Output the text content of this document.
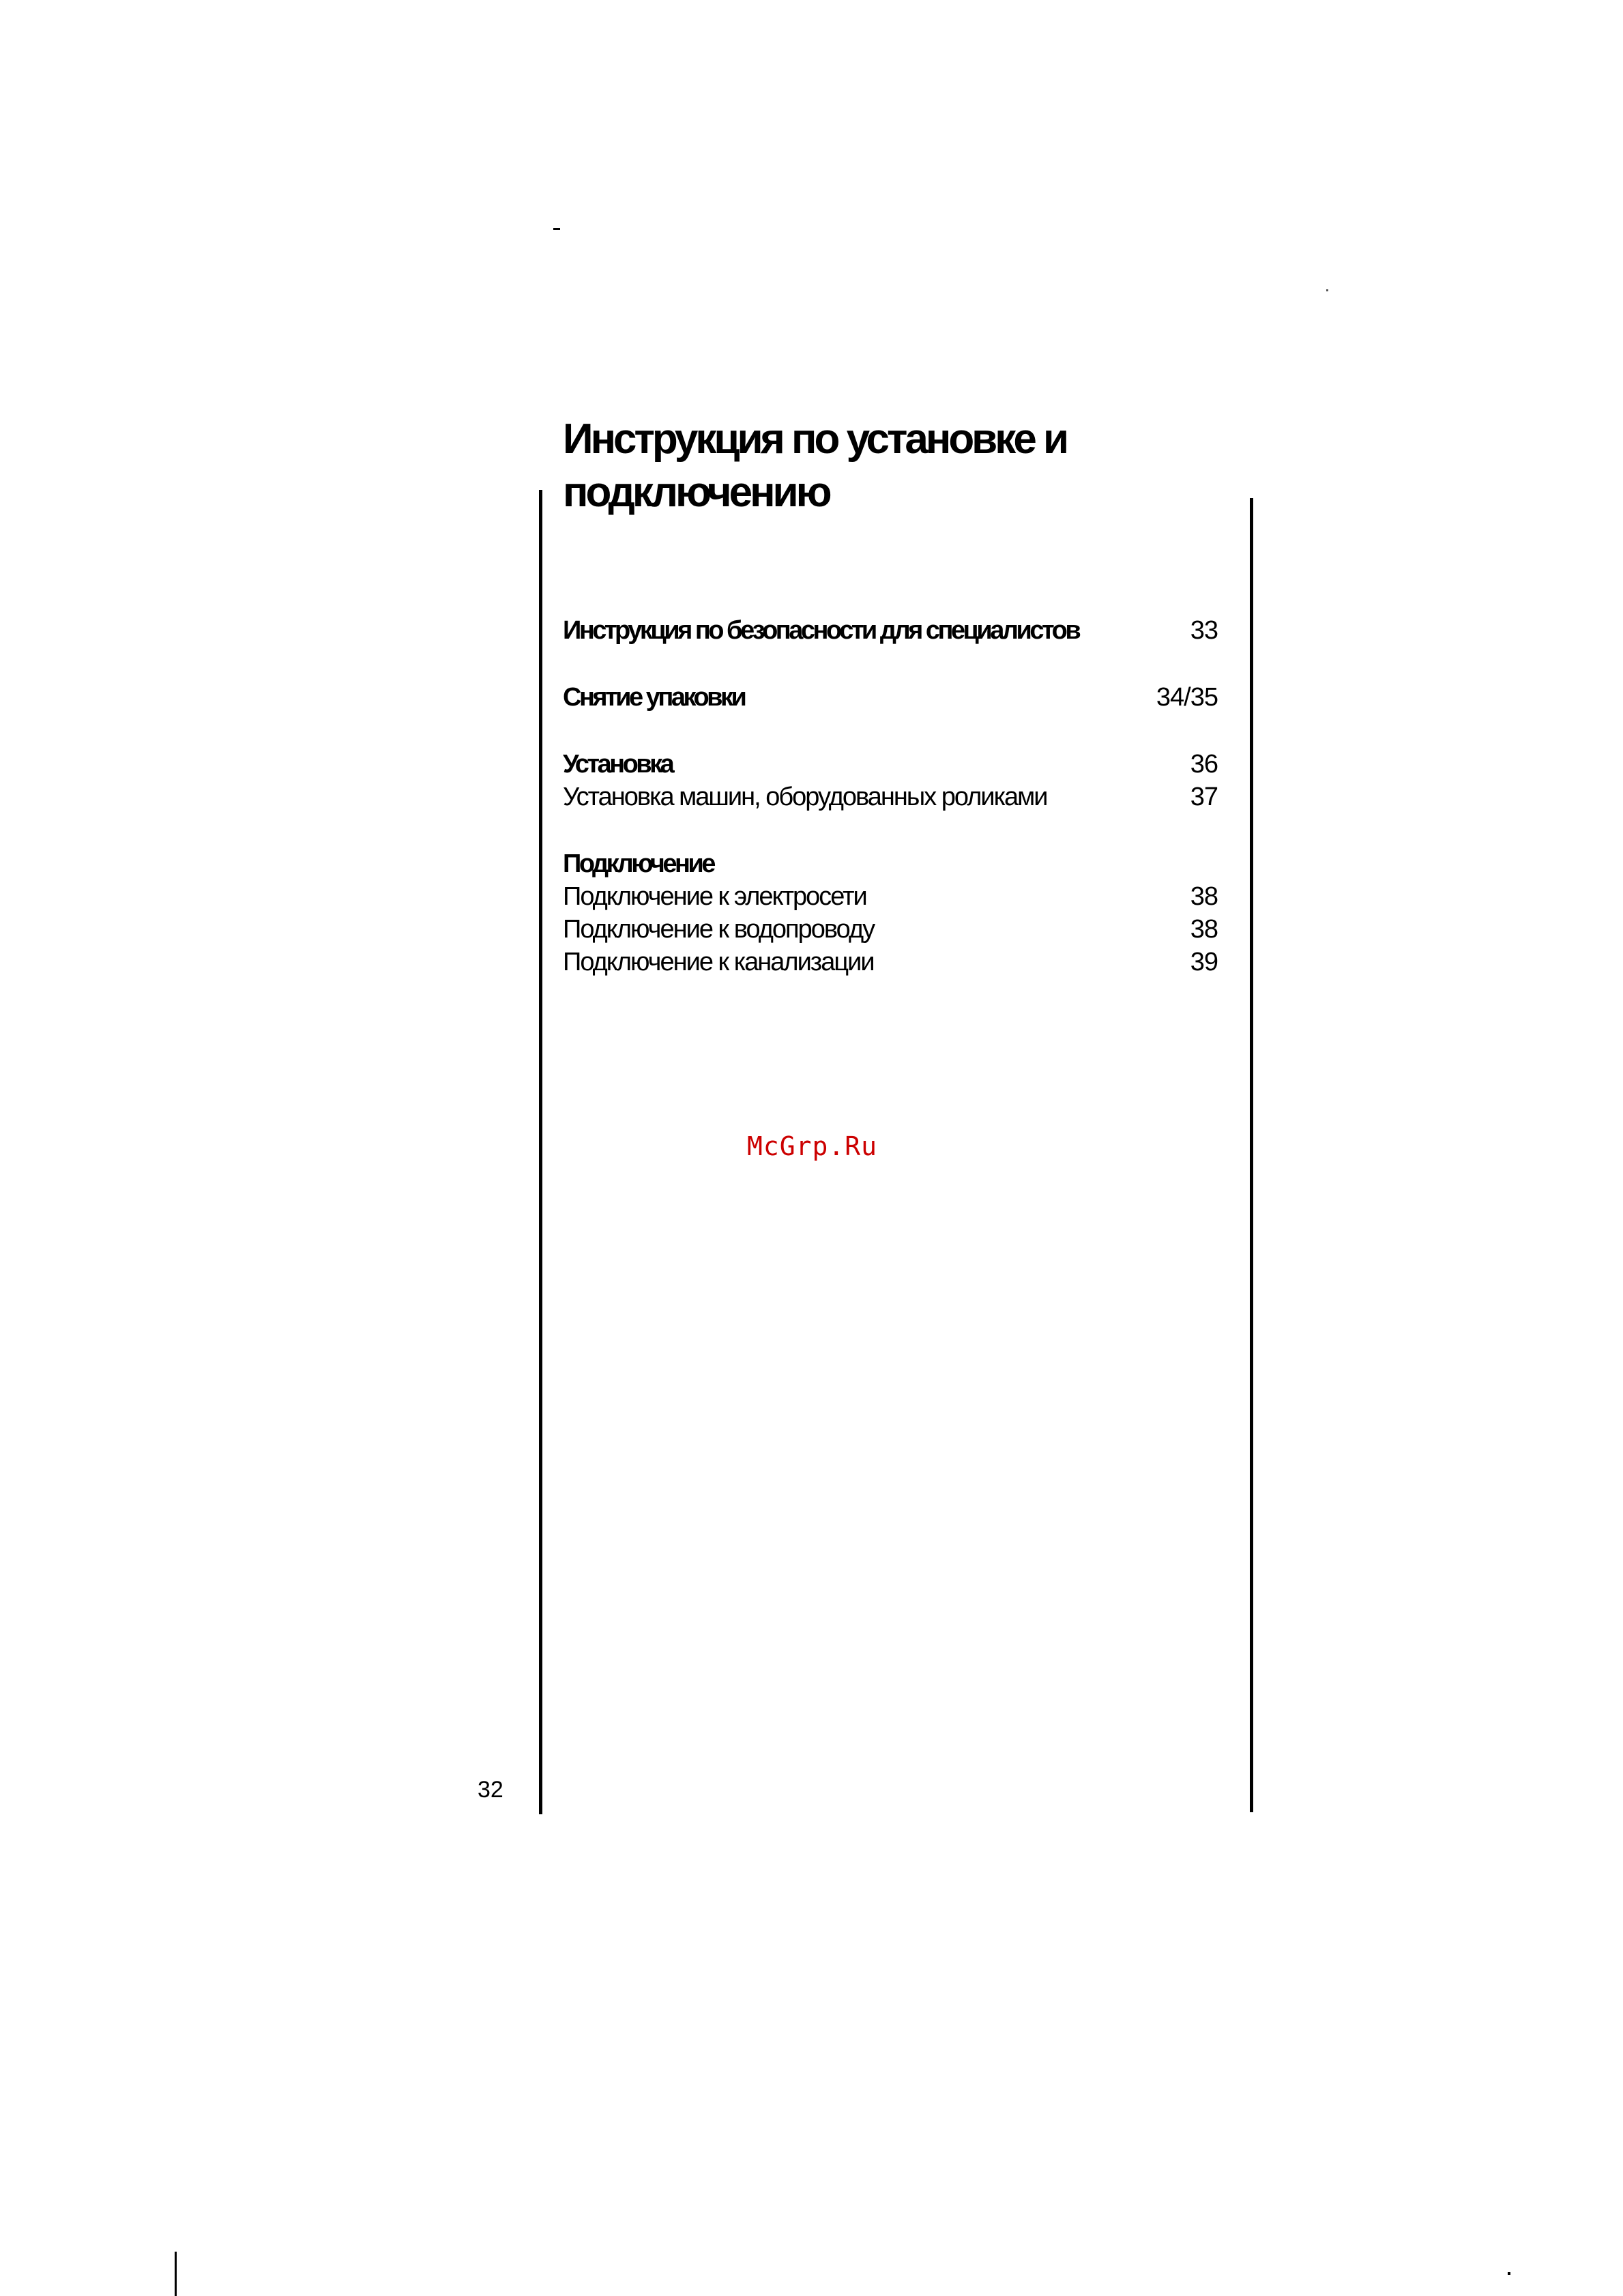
Инструкция по установке и
подключению
Инструкция по безопасности для специалистов	33
Снятие упаковки	34/35
Установка	36
Установка машин, оборудованных роликами	37
Подключение
Подключение к электросети	38
Подключение к водопроводу	38
Подключение к канализации	39
McGrp.Ru
32
